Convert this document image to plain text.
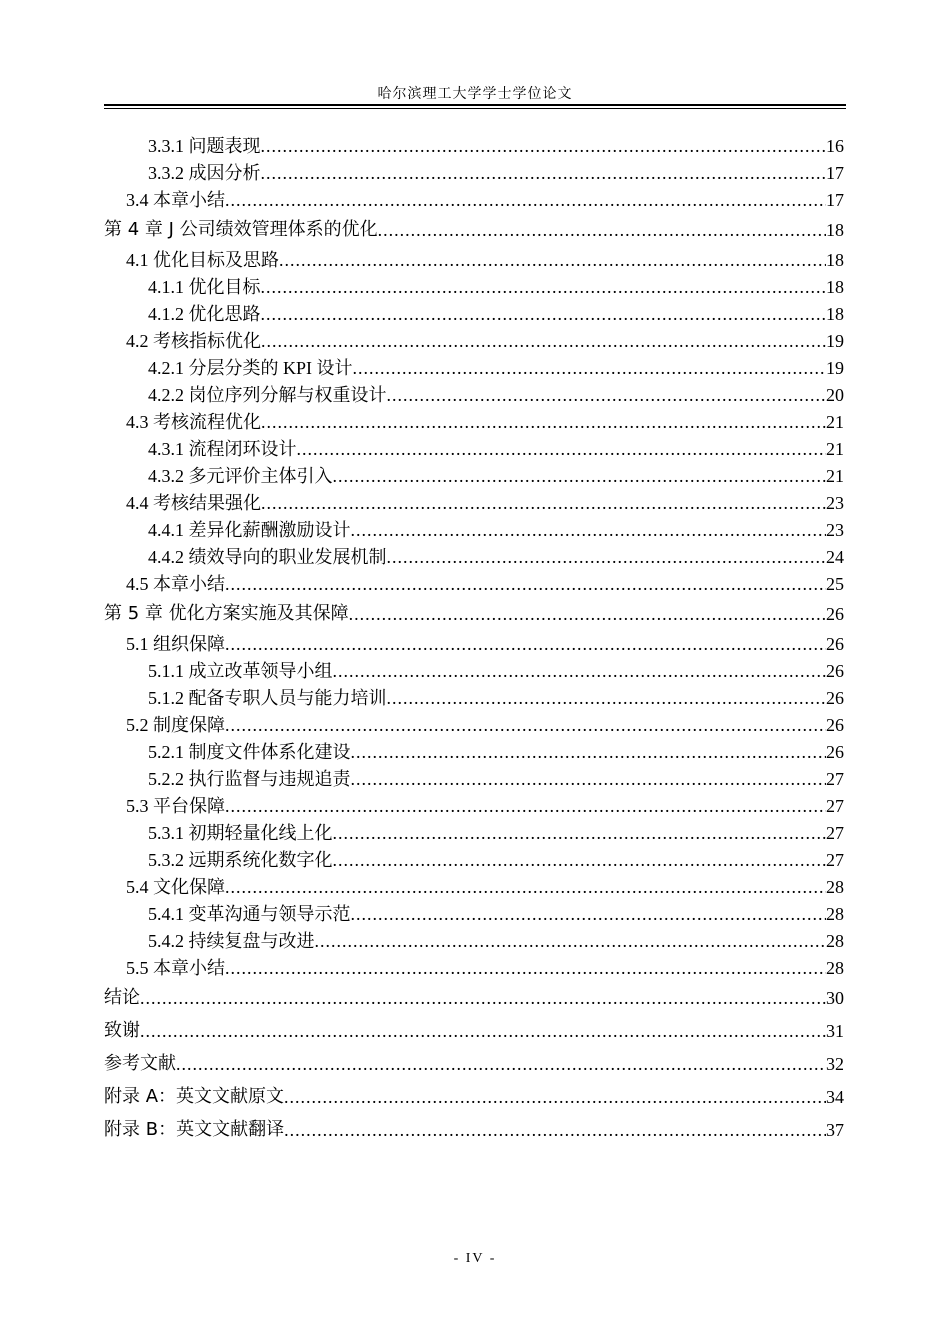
哈尔滨理工大学学士学位论文
3.3.1 问题表现 .....	16
3.3.2 成因分析 .....	17
3.4 本章小结 .....	17
第 4 章 J 公司绩效管理体系的优化 .....	18
4.1 优化目标及思路 .....	18
4.1.1 优化目标 .....	18
4.1.2 优化思路 .....	18
4.2 考核指标优化 .....	19
4.2.1 分层分类的 KPI 设计 .....	19
4.2.2 岗位序列分解与权重设计 .....	20
4.3 考核流程优化 .....	21
4.3.1 流程闭环设计 .....	21
4.3.2 多元评价主体引入 .....	21
4.4 考核结果强化 .....	23
4.4.1 差异化薪酬激励设计 .....	23
4.4.2 绩效导向的职业发展机制 .....	24
4.5 本章小结 .....	25
第 5 章 优化方案实施及其保障 .....	26
5.1 组织保障 .....	26
5.1.1 成立改革领导小组 .....	26
5.1.2 配备专职人员与能力培训 .....	26
5.2 制度保障 .....	26
5.2.1 制度文件体系化建设 .....	26
5.2.2 执行监督与违规追责 .....	27
5.3 平台保障 .....	27
5.3.1 初期轻量化线上化 .....	27
5.3.2 远期系统化数字化 .....	27
5.4 文化保障 .....	28
5.4.1 变革沟通与领导示范 .....	28
5.4.2 持续复盘与改进 .....	28
5.5 本章小结 .....	28
结论 .....	30
致谢 .....	31
参考文献 .....	32
附录 A：英文文献原文 .....	34
附录 B：英文文献翻译 .....	37
- IV -
